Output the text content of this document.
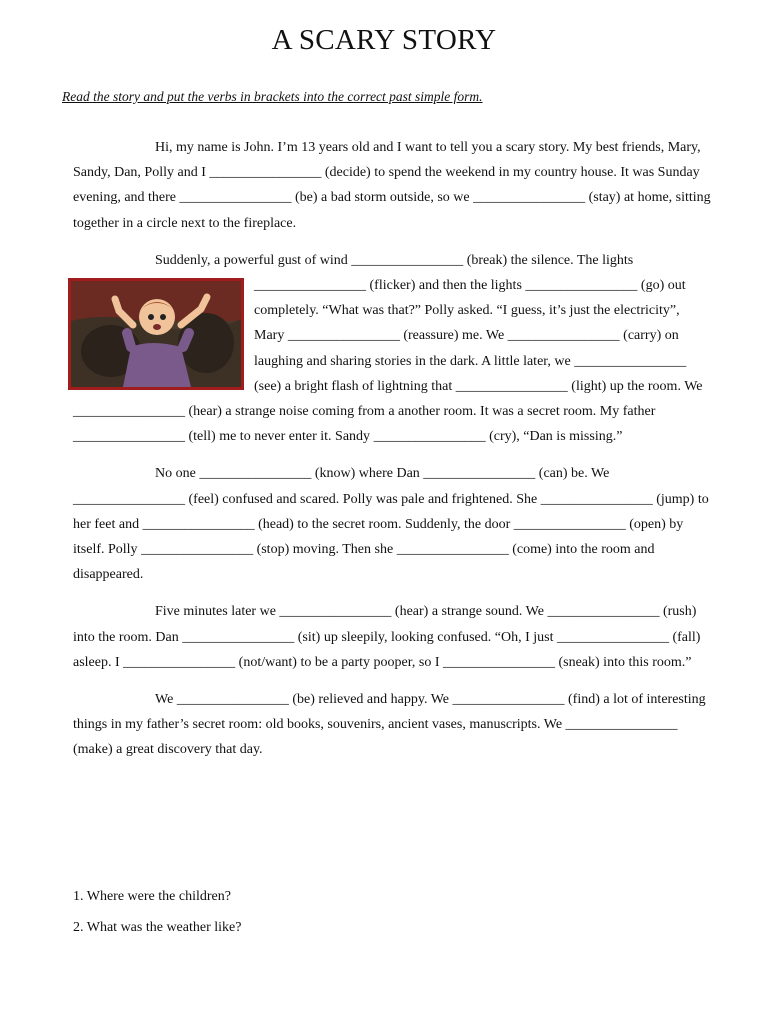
A SCARY STORY
Read the story and put the verbs in brackets into the correct past simple form.

Hi, my name is John. I’m 13 years old and I want to tell you a scary story. My best friends, Mary, Sandy, Dan, Polly and I ________________ (decide) to spend the weekend in my country house. It was Sunday evening, and there ________________ (be) a bad storm outside, so we ________________ (stay) at home, sitting together in a circle next to the fireplace.

Suddenly, a powerful gust of wind ________________ (break) the silence. The lights ________________ (flicker) and then the lights ________________
(go) out completely. “What was that?” Polly asked. “I guess, it’s just the electricity”, Mary ________________ (reassure) me. We ________________ (carry) on laughing and sharing stories in the dark. A little later, we ________________ (see) a bright flash of lightning that ________________ (light) up the room. We ________________ (hear) a strange noise coming from a another room. It was a secret room. My father ________________ (tell) me to never enter it. Sandy ________________ (cry), “Dan is missing.”

No one ________________ (know) where Dan ________________ (can) be. We ________________ (feel) confused and scared. Polly was pale and frightened. She ________________ (jump) to her feet and ________________ (head) to the secret room. Suddenly, the door ________________ (open) by itself. Polly ________________ (stop) moving. Then she ________________ (come) into the room and disappeared.

Five minutes later we ________________ (hear) a strange sound. We ________________ (rush) into the room. Dan ________________ (sit) up sleepily, looking confused. “Oh, I just ________________ (fall) asleep. I ________________ (not/want) to be a party pooper, so I ________________ (sneak) into this room.”

We ________________ (be) relieved and happy. We ________________ (find) a lot of interesting things in my father’s secret room: old books, souvenirs, ancient vases, manuscripts. We ________________ (make) a great discovery that day.

1. Where were the children?
2. What was the weather like?
